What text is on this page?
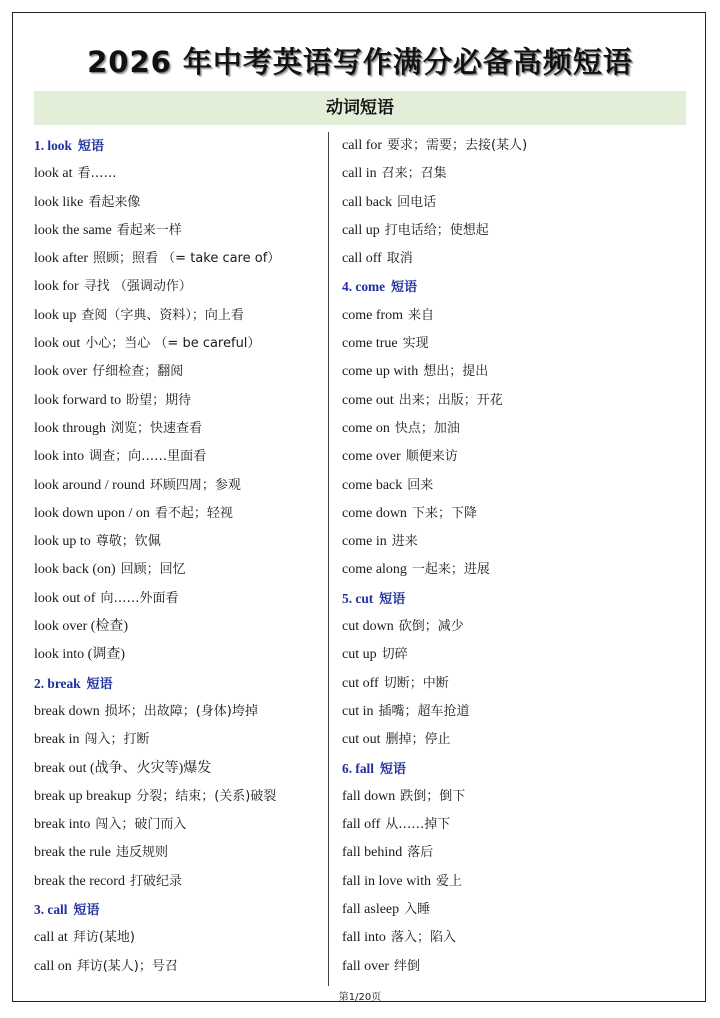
2026 年中考英语写作满分必备高频短语
动词短语
1. look 短语
look at 看……
look like 看起来像
look the same 看起来一样
look after 照顾；照看 （= take care of）
look for 寻找 （强调动作）
look up 查阅（字典、资料）；向上看
look out 小心；当心 （= be careful）
look over 仔细检查；翻阅
look forward to 盼望；期待
look through 浏览；快速查看
look into 调查；向……里面看
look around / round 环顾四周；参观
look down upon / on 看不起；轻视
look up to 尊敬；钦佩
look back (on) 回顾；回忆
look out of 向……外面看
look over (检查)
look into (调查)
2. break 短语
break down 损坏；出故障；(身体)垮掉
break in 闯入；打断
break out (战争、火灾等)爆发
break up breakup 分裂；结束；(关系)破裂
break into 闯入；破门而入
break the rule 违反规则
break the record 打破纪录
3. call 短语
call at 拜访(某地)
call on 拜访(某人)；号召
call for 要求；需要；去接(某人)
call in 召来；召集
call back 回电话
call up 打电话给；使想起
call off 取消
4. come 短语
come from 来自
come true 实现
come up with 想出；提出
come out 出来；出版；开花
come on 快点；加油
come over 顺便来访
come back 回来
come down 下来；下降
come in 进来
come along 一起来；进展
5. cut 短语
cut down 砍倒；减少
cut up 切碎
cut off 切断；中断
cut in 插嘴；超车抢道
cut out 删掉；停止
6. fall 短语
fall down 跌倒；倒下
fall off 从……掉下
fall behind 落后
fall in love with 爱上
fall asleep 入睡
fall into 落入；陷入
fall over 绊倒
第1/20页
